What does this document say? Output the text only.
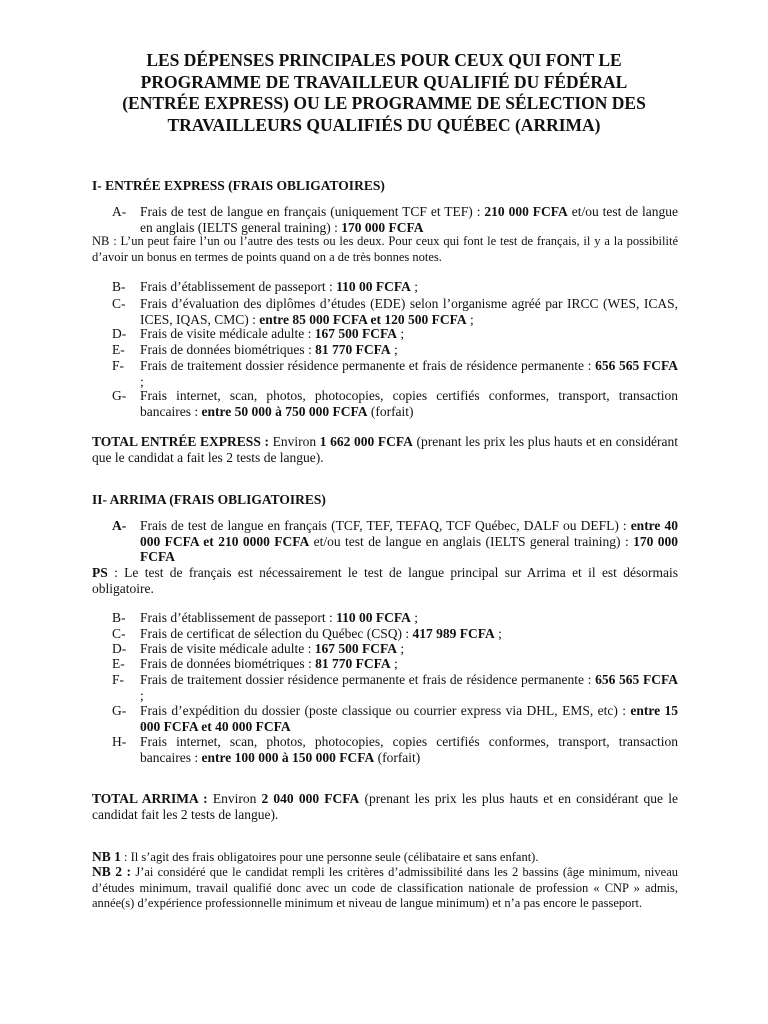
LES DÉPENSES PRINCIPALES POUR CEUX QUI FONT LE
PROGRAMME DE TRAVAILLEUR QUALIFIÉ DU FÉDÉRAL
(ENTRÉE EXPRESS) OU LE PROGRAMME DE SÉLECTION DES
TRAVAILLEURS QUALIFIÉS DU QUÉBEC (ARRIMA)
I- ENTRÉE EXPRESS (FRAIS OBLIGATOIRES)
A- Frais de test de langue en français (uniquement TCF et TEF) : 210 000 FCFA et/ou test de langue en anglais (IELTS general training) : 170 000 FCFA
NB : L’un peut faire l’un ou l’autre des tests ou les deux. Pour ceux qui font le test de français, il y a la possibilité d’avoir un bonus en termes de points quand on a de très bonnes notes.
B- Frais d’établissement de passeport : 110 00 FCFA ;
C- Frais d’évaluation des diplômes d’études (EDE) selon l’organisme agréé par IRCC (WES, ICAS, ICES, IQAS, CMC) : entre 85 000 FCFA et 120 500 FCFA ;
D- Frais de visite médicale adulte : 167 500 FCFA ;
E- Frais de données biométriques : 81 770 FCFA ;
F- Frais de traitement dossier résidence permanente et frais de résidence permanente : 656 565 FCFA ;
G- Frais internet, scan, photos, photocopies, copies certifiés conformes, transport, transaction bancaires : entre 50 000 à 750 000 FCFA (forfait)
TOTAL ENTRÉE EXPRESS : Environ 1 662 000 FCFA (prenant les prix les plus hauts et en considérant que le candidat a fait les 2 tests de langue).
II- ARRIMA (FRAIS OBLIGATOIRES)
A- Frais de test de langue en français (TCF, TEF, TEFAQ, TCF Québec, DALF ou DEFL) : entre 40 000 FCFA et 210 0000 FCFA et/ou test de langue en anglais (IELTS general training) : 170 000 FCFA
PS : Le test de français est nécessairement le test de langue principal sur Arrima et il est désormais obligatoire.
B- Frais d’établissement de passeport : 110 00 FCFA ;
C- Frais de certificat de sélection du Québec (CSQ) : 417 989 FCFA ;
D- Frais de visite médicale adulte : 167 500 FCFA ;
E- Frais de données biométriques : 81 770 FCFA ;
F- Frais de traitement dossier résidence permanente et frais de résidence permanente : 656 565 FCFA ;
G- Frais d’expédition du dossier (poste classique ou courrier express via DHL, EMS, etc) : entre 15 000 FCFA et 40 000 FCFA
H- Frais internet, scan, photos, photocopies, copies certifiés conformes, transport, transaction bancaires : entre 100 000 à 150 000 FCFA (forfait)
TOTAL ARRIMA : Environ 2 040 000 FCFA (prenant les prix les plus hauts et en considérant que le candidat fait les 2 tests de langue).
NB 1 : Il s’agit des frais obligatoires pour une personne seule (célibataire et sans enfant).
NB 2 : J’ai considéré que le candidat rempli les critères d’admissibilité dans les 2 bassins (âge minimum, niveau d’études minimum, travail qualifié donc avec un code de classification nationale de profession « CNP » admis, année(s) d’expérience professionnelle minimum et niveau de langue minimum) et n’a pas encore le passeport.
